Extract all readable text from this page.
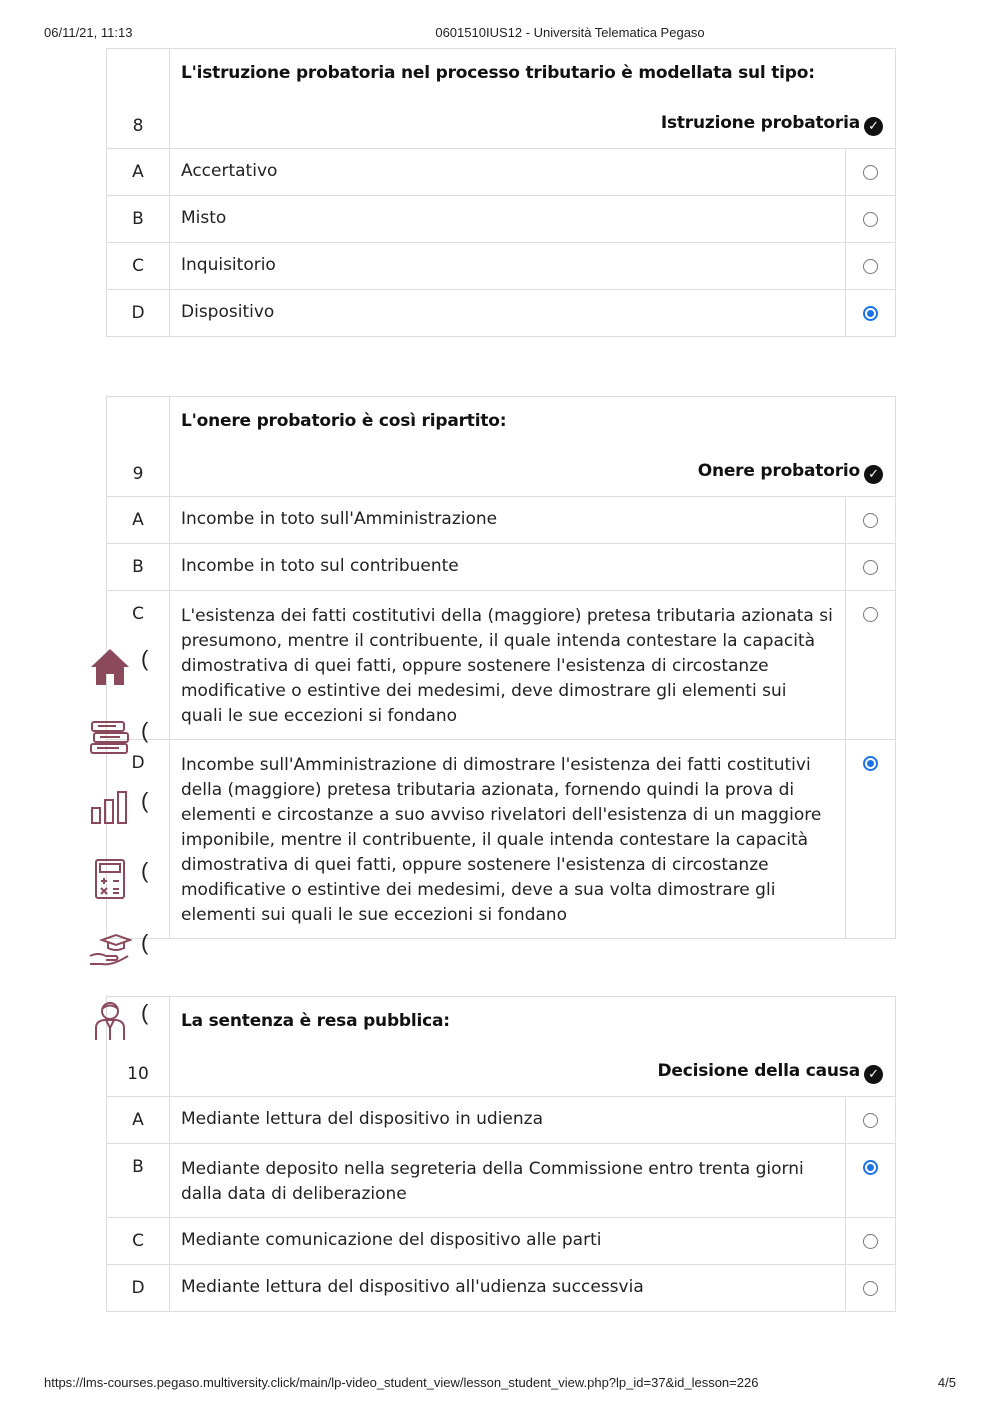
06/11/21, 11:13	0601510IUS12 - Università Telematica Pegaso
8	L'istruzione probatoria nel processo tributario è modellata sul tipo:
Istruzione probatoria ✓	

A	Accertativo	
B	Misto	
C	Inquisitorio	
D	Dispositivo	
9	L'onere probatorio è così ripartito:
Onere probatorio ✓	

A	Incombe in toto sull'Amministrazione	
B	Incombe in toto sul contribuente	
C	L'esistenza dei fatti costitutivi della (maggiore) pretesa tributaria azionata si presumono, mentre il contribuente, il quale intenda contestare la capacità dimostrativa di quei fatti, oppure sostenere l'esistenza di circostanze modificative o estintive dei medesimi, deve dimostrare gli elementi sui quali le sue eccezioni si fondano	
D	Incombe sull'Amministrazione di dimostrare l'esistenza dei fatti costitutivi della (maggiore) pretesa tributaria azionata, fornendo quindi la prova di elementi e circostanze a suo avviso rivelatori dell'esistenza di un maggiore imponibile, mentre il contribuente, il quale intenda contestare la capacità dimostrativa di quei fatti, oppure sostenere l'esistenza di circostanze modificative o estintive dei medesimi, deve a sua volta dimostrare gli elementi sui quali le sue eccezioni si fondano	
10	La sentenza è resa pubblica:
Decisione della causa ✓	

A	Mediante lettura del dispositivo in udienza	
B	Mediante deposito nella segreteria della Commissione entro trenta giorni dalla data di deliberazione	
C	Mediante comunicazione del dispositivo alle parti	
D	Mediante lettura del dispositivo all'udienza successvia	
(
(
(
(
(
(
https://lms-courses.pegaso.multiversity.click/main/lp-video_student_view/lesson_student_view.php?lp_id=37&id_lesson=226	4/5
